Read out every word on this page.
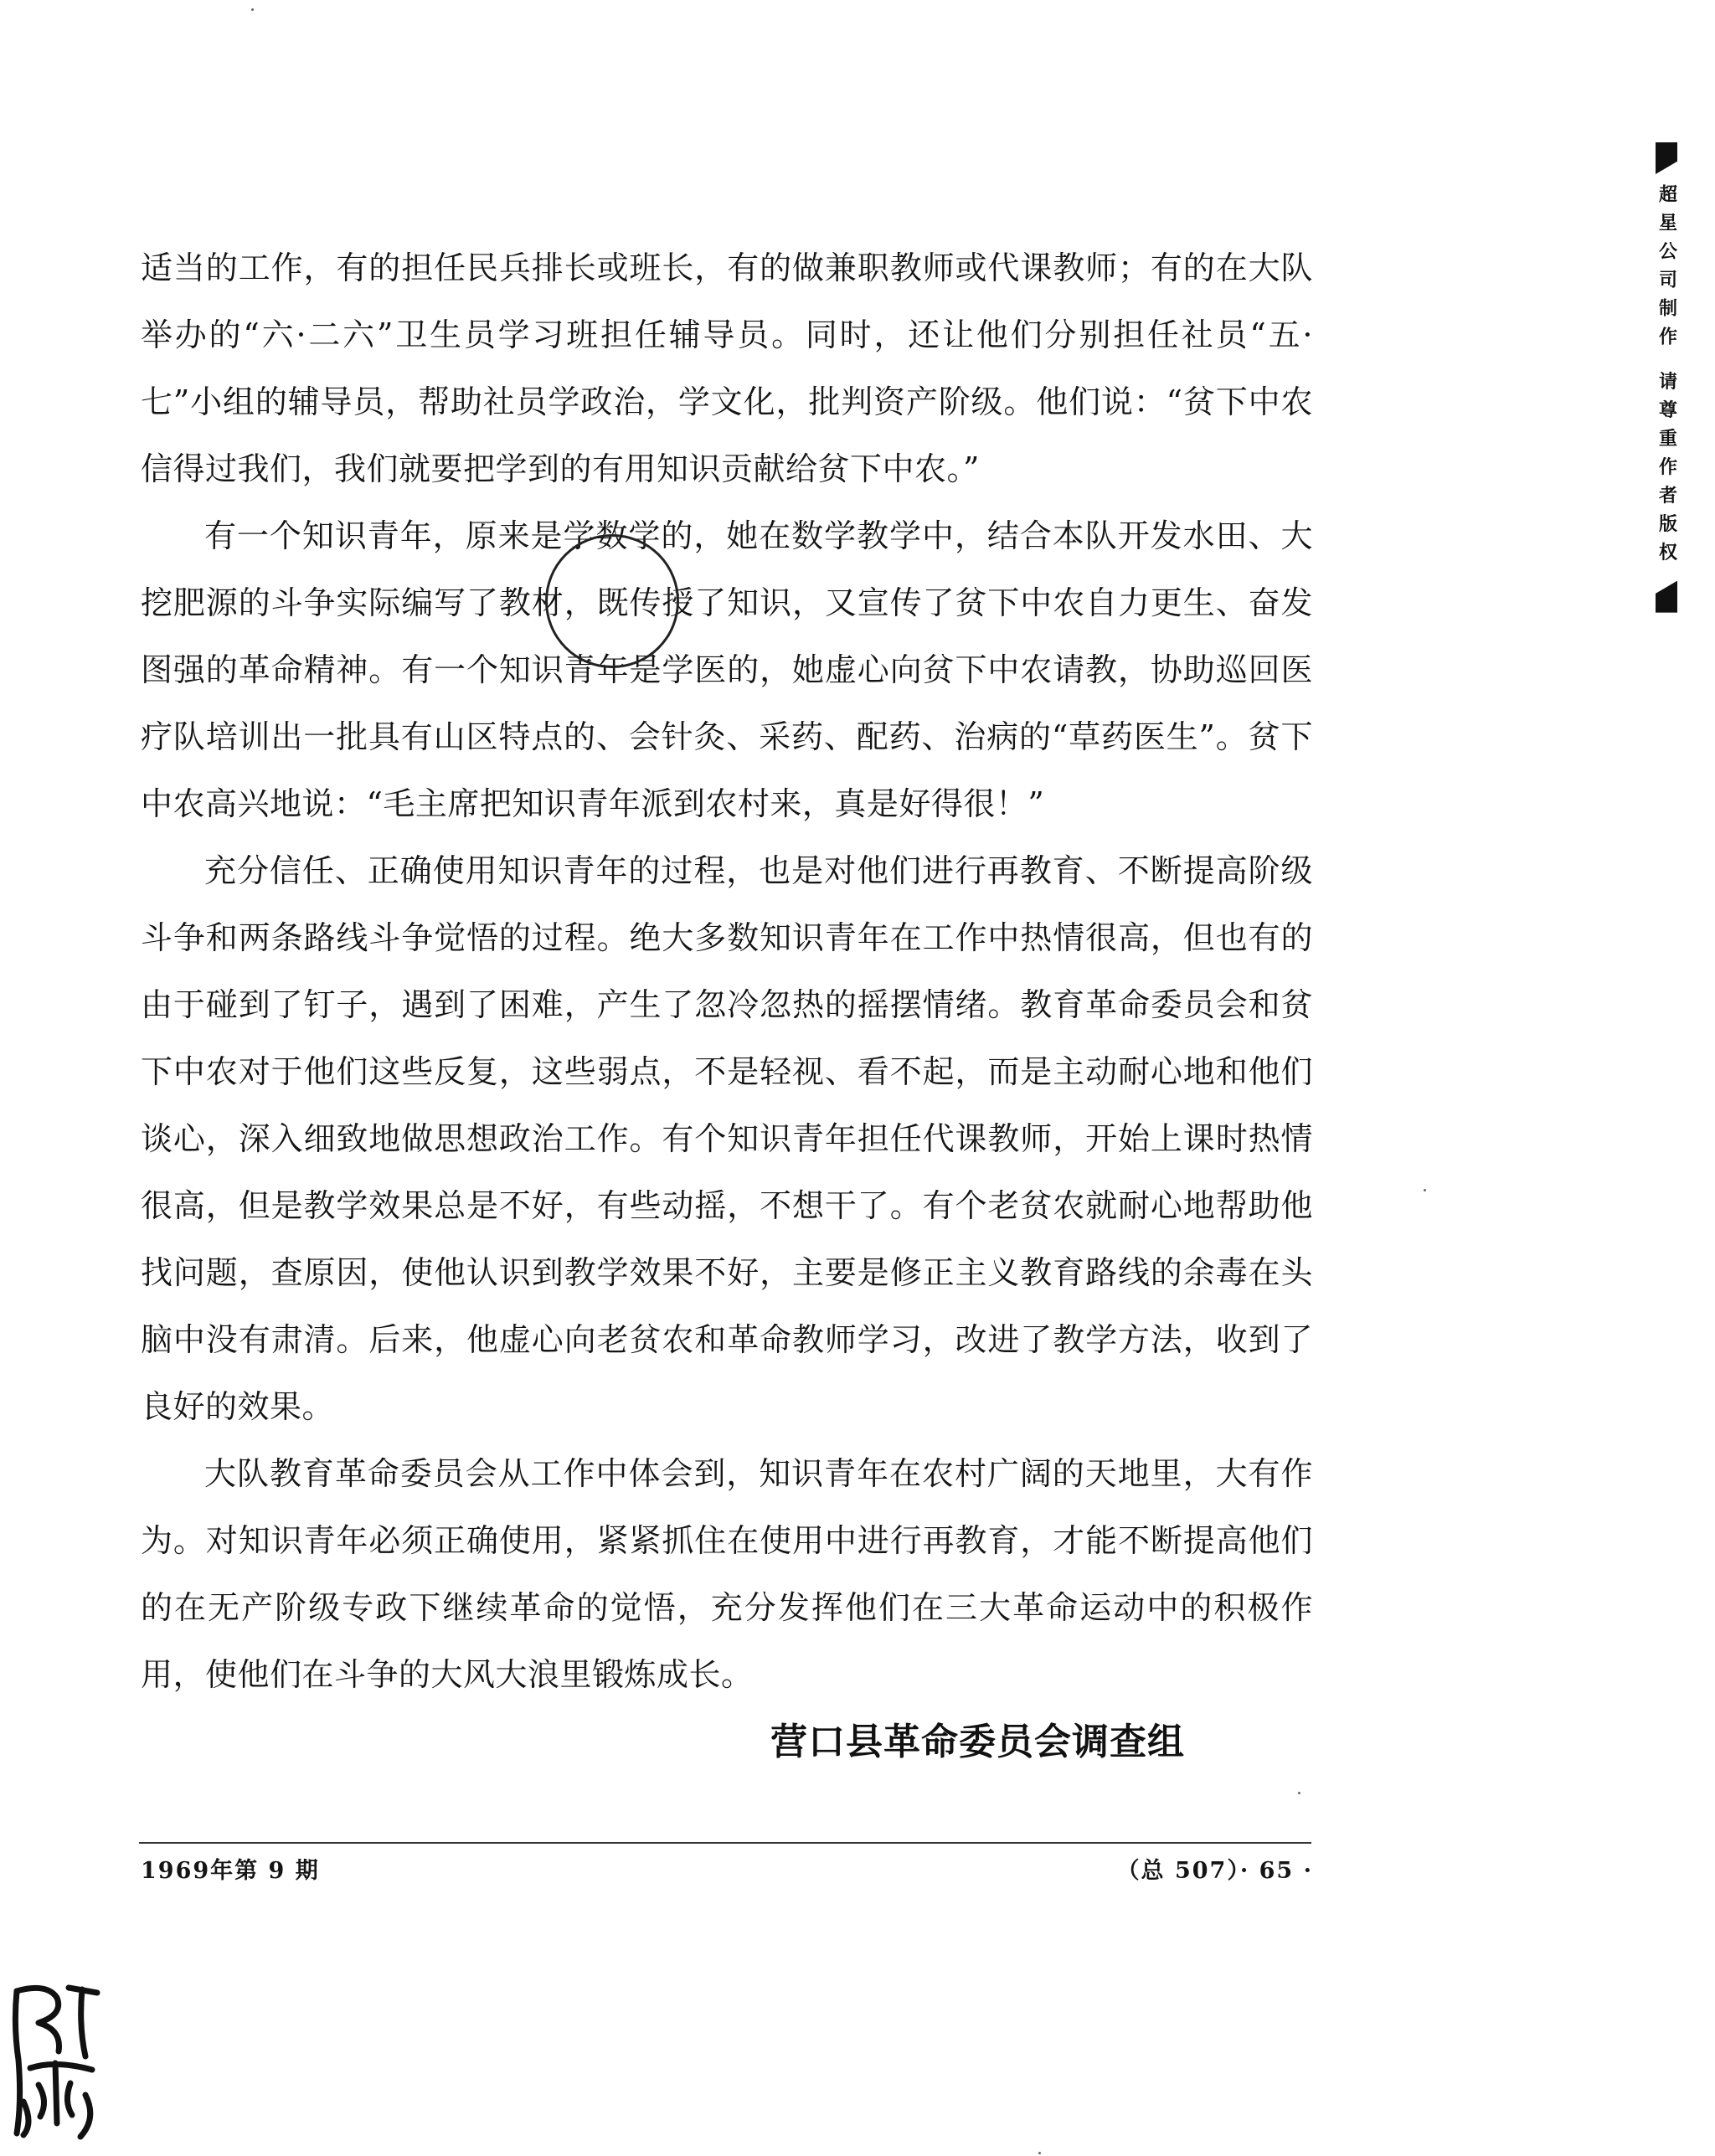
适当的工作，有的担任民兵排长或班长，有的做兼职教师或代课教师；有的在大队举办的“六·二六”卫生员学习班担任辅导员。同时，还让他们分别担任社员“五·七”小组的辅导员，帮助社员学政治，学文化，批判资产阶级。他们说：“贫下中农信得过我们，我们就要把学到的有用知识贡献给贫下中农。”

有一个知识青年，原来是学数学的，她在数学教学中，结合本队开发水田、大挖肥源的斗争实际编写了教材，既传授了知识，又宣传了贫下中农自力更生、奋发图强的革命精神。有一个知识青年是学医的，她虚心向贫下中农请教，协助巡回医疗队培训出一批具有山区特点的、会针灸、采药、配药、治病的“草药医生”。贫下中农高兴地说：“毛主席把知识青年派到农村来，真是好得很！”

充分信任、正确使用知识青年的过程，也是对他们进行再教育、不断提高阶级斗争和两条路线斗争觉悟的过程。绝大多数知识青年在工作中热情很高，但也有的由于碰到了钉子，遇到了困难，产生了忽冷忽热的摇摆情绪。教育革命委员会和贫下中农对于他们这些反复，这些弱点，不是轻视、看不起，而是主动耐心地和他们谈心，深入细致地做思想政治工作。有个知识青年担任代课教师，开始上课时热情很高，但是教学效果总是不好，有些动摇，不想干了。有个老贫农就耐心地帮助他找问题，查原因，使他认识到教学效果不好，主要是修正主义教育路线的余毒在头脑中没有肃清。后来，他虚心向老贫农和革命教师学习，改进了教学方法，收到了良好的效果。

大队教育革命委员会从工作中体会到，知识青年在农村广阔的天地里，大有作为。对知识青年必须正确使用，紧紧抓住在使用中进行再教育，才能不断提高他们的在无产阶级专政下继续革命的觉悟，充分发挥他们在三大革命运动中的积极作用，使他们在斗争的大风大浪里锻炼成长。

营口县革命委员会调查组
1969年第 9 期	（总 507）· 65 ·
超星公司制作 请尊重作者版权
